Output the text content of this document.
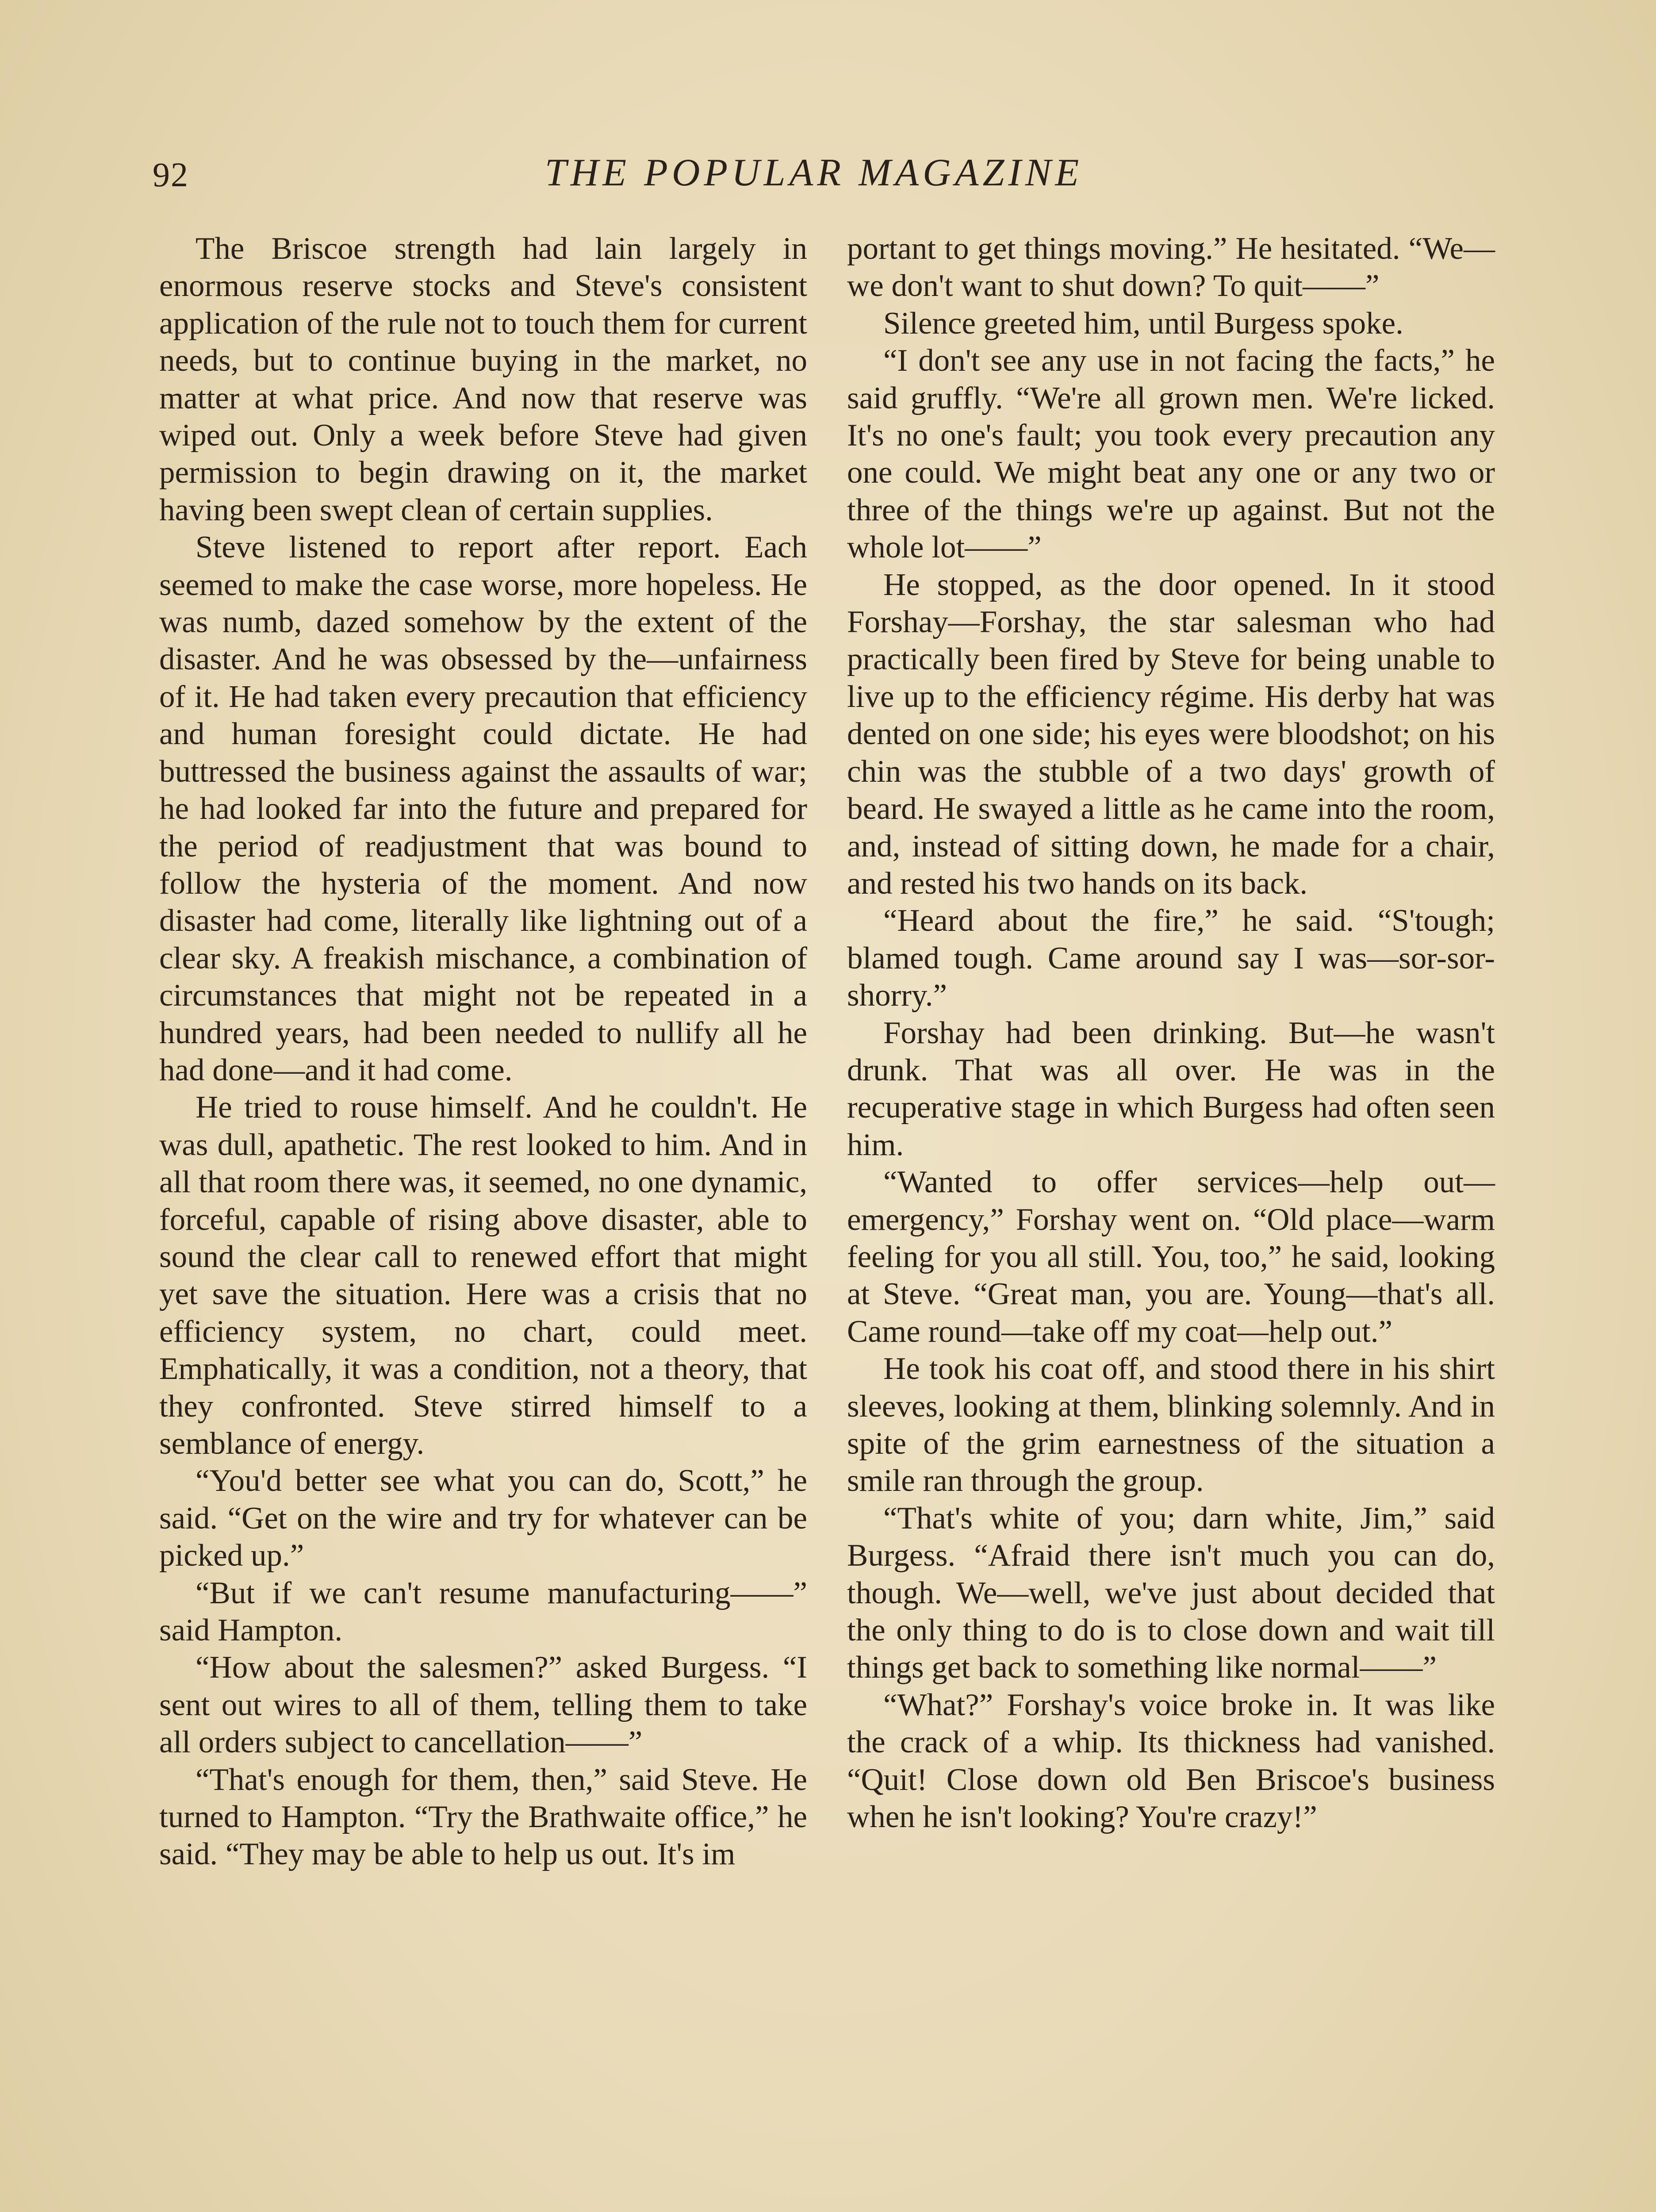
92	THE POPULAR MAGAZINE

The Briscoe strength had lain largely in enormous reserve stocks and Steve's consistent application of the rule not to touch them for current needs, but to continue buying in the market, no matter at what price. And now that reserve was wiped out. Only a week before Steve had given permission to begin drawing on it, the market having been swept clean of certain supplies.

Steve listened to report after report. Each seemed to make the case worse, more hopeless. He was numb, dazed somehow by the extent of the disaster. And he was obsessed by the—unfairness of it. He had taken every precaution that efficiency and human foresight could dictate. He had buttressed the business against the assaults of war; he had looked far into the future and prepared for the period of readjustment that was bound to follow the hysteria of the moment. And now disaster had come, literally like lightning out of a clear sky. A freakish mischance, a combination of circumstances that might not be repeated in a hundred years, had been needed to nullify all he had done—and it had come.

He tried to rouse himself. And he couldn't. He was dull, apathetic. The rest looked to him. And in all that room there was, it seemed, no one dynamic, forceful, capable of rising above disaster, able to sound the clear call to renewed effort that might yet save the situation. Here was a crisis that no efficiency system, no chart, could meet. Emphatically, it was a condition, not a theory, that they confronted. Steve stirred himself to a semblance of energy.

“You'd better see what you can do, Scott,” he said. “Get on the wire and try for whatever can be picked up.”

“But if we can't resume manufacturing——” said Hampton.

“How about the salesmen?” asked Burgess. “I sent out wires to all of them, telling them to take all orders subject to cancellation——”

“That's enough for them, then,” said Steve. He turned to Hampton. “Try the Brathwaite office,” he said. “They may be able to help us out. It's im

portant to get things moving.” He hesitated. “We—we don't want to shut down? To quit——”

Silence greeted him, until Burgess spoke.

“I don't see any use in not facing the facts,” he said gruffly. “We're all grown men. We're licked. It's no one's fault; you took every precaution any one could. We might beat any one or any two or three of the things we're up against. But not the whole lot——”

He stopped, as the door opened. In it stood Forshay—Forshay, the star salesman who had practically been fired by Steve for being unable to live up to the efficiency régime. His derby hat was dented on one side; his eyes were bloodshot; on his chin was the stubble of a two days' growth of beard. He swayed a little as he came into the room, and, instead of sitting down, he made for a chair, and rested his two hands on its back.

“Heard about the fire,” he said. “S'tough; blamed tough. Came around say I was—sor-sor-shorry.”

Forshay had been drinking. But—he wasn't drunk. That was all over. He was in the recuperative stage in which Burgess had often seen him.

“Wanted to offer services—help out—emergency,” Forshay went on. “Old place—warm feeling for you all still. You, too,” he said, looking at Steve. “Great man, you are. Young—that's all. Came round—take off my coat—help out.”

He took his coat off, and stood there in his shirt sleeves, looking at them, blinking solemnly. And in spite of the grim earnestness of the situation a smile ran through the group.

“That's white of you; darn white, Jim,” said Burgess. “Afraid there isn't much you can do, though. We—well, we've just about decided that the only thing to do is to close down and wait till things get back to something like normal——”

“What?” Forshay's voice broke in. It was like the crack of a whip. Its thickness had vanished. “Quit! Close down old Ben Briscoe's business when he isn't looking? You're crazy!”
